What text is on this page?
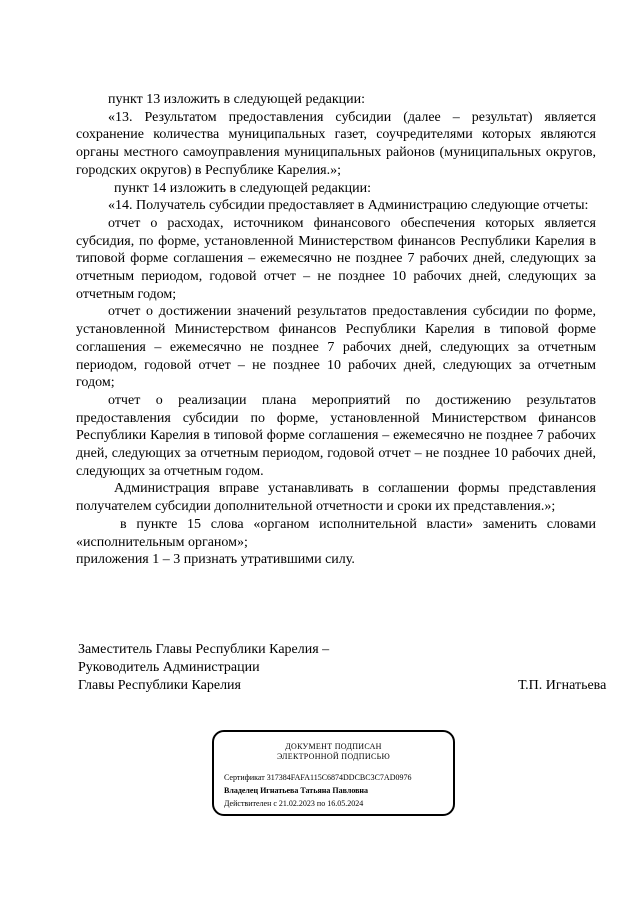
пункт 13 изложить в следующей редакции:

«13. Результатом предоставления субсидии (далее – результат) является сохранение количества муниципальных газет, соучредителями которых являются органы местного самоуправления муниципальных районов (муниципальных округов, городских округов) в Республике Карелия.»;

пункт 14 изложить в следующей редакции:

«14. Получатель субсидии предоставляет в Администрацию следующие отчеты:

отчет о расходах, источником финансового обеспечения которых является субсидия, по форме, установленной Министерством финансов Республики Карелия в типовой форме соглашения – ежемесячно не позднее 7 рабочих дней, следующих за отчетным периодом, годовой отчет – не позднее 10 рабочих дней, следующих за отчетным годом;

отчет о достижении значений результатов предоставления субсидии по форме, установленной Министерством финансов Республики Карелия в типовой форме соглашения – ежемесячно не позднее 7 рабочих дней, следующих за отчетным периодом, годовой отчет – не позднее 10 рабочих дней, следующих за отчетным годом;

отчет о реализации плана мероприятий по достижению результатов предоставления субсидии по форме, установленной Министерством финансов Республики Карелия в типовой форме соглашения – ежемесячно не позднее 7 рабочих дней, следующих за отчетным периодом, годовой отчет – не позднее 10 рабочих дней, следующих за отчетным годом.

Администрация вправе устанавливать в соглашении формы представления получателем субсидии дополнительной отчетности и сроки их представления.»;

в пункте 15 слова «органом исполнительной власти» заменить словами «исполнительным органом»;

приложения 1 – 3 признать утратившими силу.

Заместитель Главы Республики Карелия –
Руководитель Администрации
Главы Республики Карелия	Т.П. Игнатьева
ДОКУМЕНТ ПОДПИСАН
ЭЛЕКТРОННОЙ ПОДПИСЬЮ
Сертификат 317384FAFA115C6874DDCBC3C7AD0976
Владелец Игнатьева Татьяна Павловна
Действителен с 21.02.2023 по 16.05.2024
